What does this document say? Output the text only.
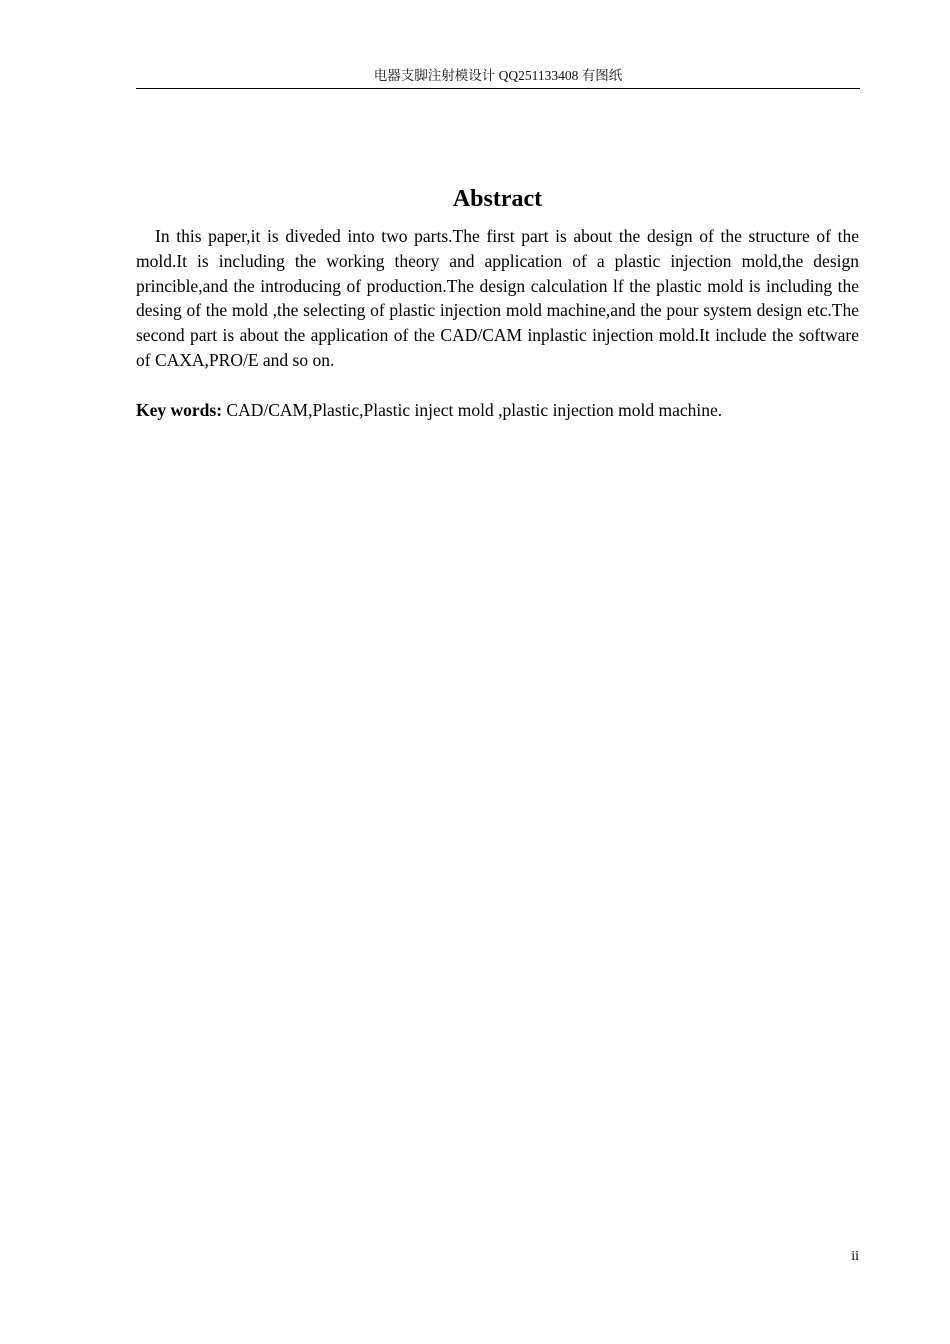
电器支脚注射模设计 QQ251133408 有图纸
Abstract

In this paper,it is diveded into two parts.The first part is about the design of the structure of the mold.It is including the working theory and application of a plastic injection mold,the design princible,and the introducing of production.The design calculation lf the plastic mold is including the desing of the mold ,the selecting of plastic injection mold machine,and the pour system design etc.The second part is about the application of the CAD/CAM inplastic injection mold.It include the software of CAXA,PRO/E and so on.

Key words: CAD/CAM,Plastic,Plastic inject mold ,plastic injection mold machine.

ii
